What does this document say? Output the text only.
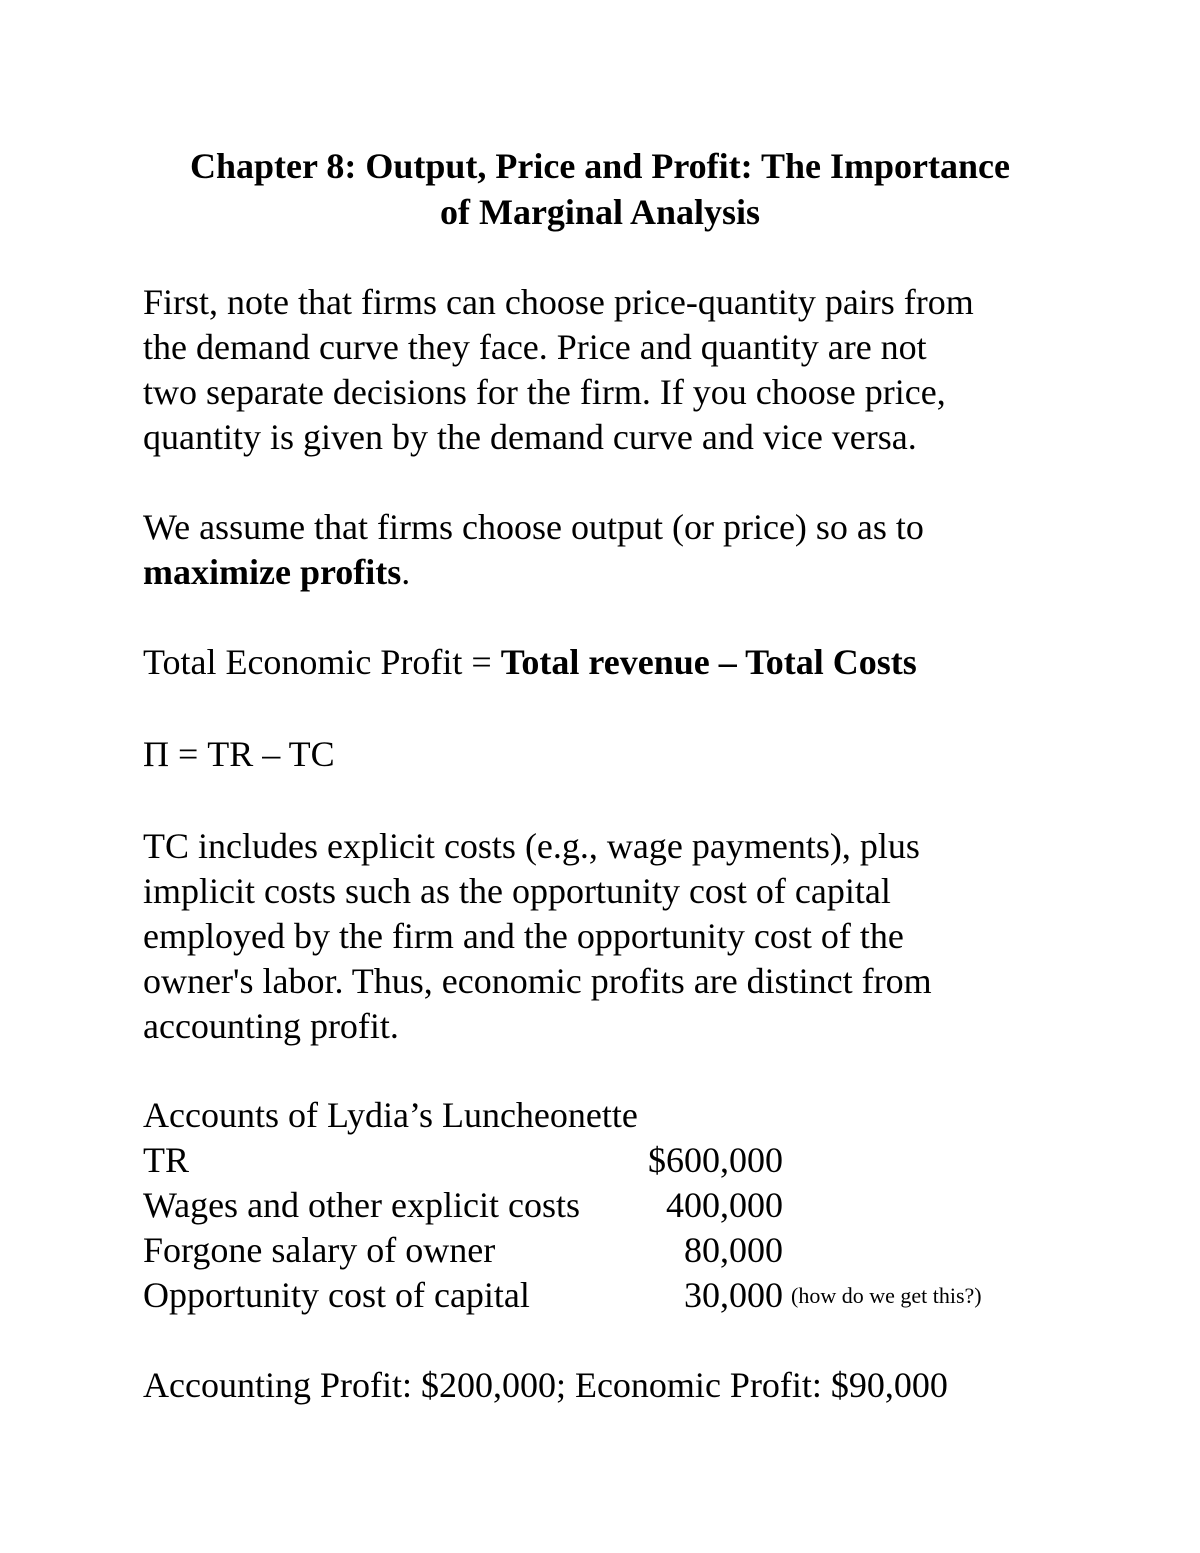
Chapter 8: Output, Price and Profit: The Importance
of Marginal Analysis

First, note that firms can choose price-quantity pairs from
the demand curve they face. Price and quantity are not
two separate decisions for the firm. If you choose price,
quantity is given by the demand curve and vice versa.

We assume that firms choose output (or price) so as to
maximize profits.

Total Economic Profit = Total revenue – Total Costs

Π = TR – TC

TC includes explicit costs (e.g., wage payments), plus
implicit costs such as the opportunity cost of capital
employed by the firm and the opportunity cost of the
owner's labor. Thus, economic profits are distinct from
accounting profit.

Accounts of Lydia’s Luncheonette
TR	$600,000
Wages and other explicit costs 400,000
Forgone salary of owner	80,000
Opportunity cost of capital	30,000 (how do we get this?)

Accounting Profit: $200,000; Economic Profit: $90,000
